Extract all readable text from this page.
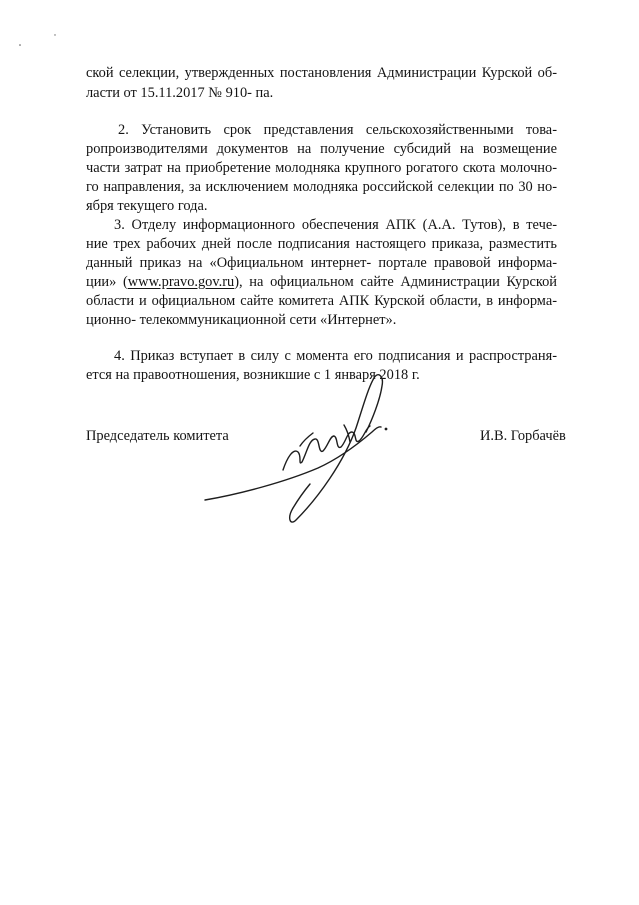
ской селекции, утвержденных постановления Администрации Курской об-
ласти от 15.11.2017 № 910- па.
2. Установить срок представления сельскохозяйственными това-
ропроизводителями документов на получение субсидий на возмещение
части затрат на приобретение молодняка крупного рогатого скота молочно-
го направления, за исключением молодняка российской селекции по 30 но-
ября текущего года.
3. Отделу информационного обеспечения АПК (А.А. Тутов), в тече-
ние трех рабочих дней после подписания настоящего приказа, разместить
данный приказ на «Официальном интернет- портале правовой информа-
ции» (www.pravo.gov.ru), на официальном сайте Администрации Курской
области и официальном сайте комитета АПК Курской области, в информа-
ционно- телекоммуникационной сети «Интернет».
4. Приказ вступает в силу с момента его подписания и распространя-
ется на правоотношения, возникшие с 1 января 2018 г.
Председатель комитета	И.В. Горбачёв
